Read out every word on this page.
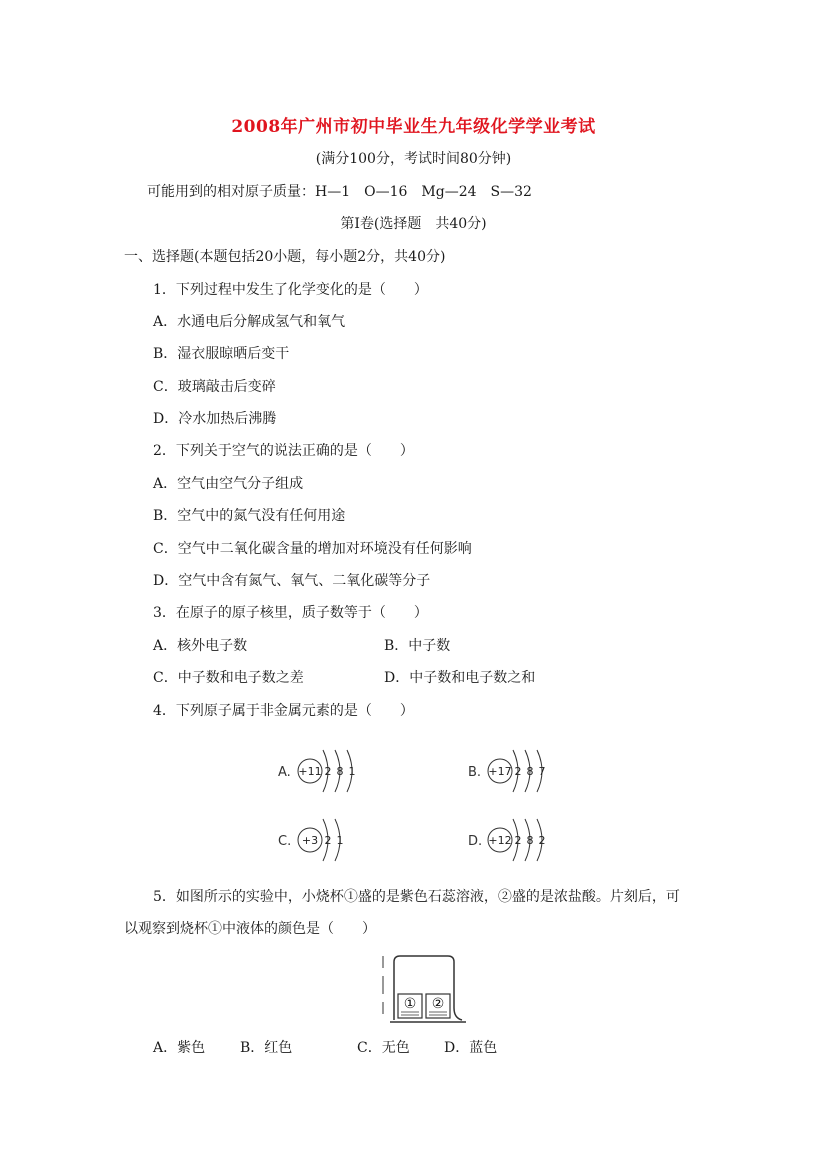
2008年广州市初中毕业生九年级化学学业考试
(满分100分，考试时间80分钟)
可能用到的相对原子质量：H—1　O—16　Mg—24　S—32
第Ⅰ卷(选择题　共40分)
一、选择题(本题包括20小题，每小题2分，共40分)
1．下列过程中发生了化学变化的是（　　）
A．水通电后分解成氢气和氧气
B．湿衣服晾晒后变干
C．玻璃敲击后变碎
D．冷水加热后沸腾
2．下列关于空气的说法正确的是（　　）
A．空气由空气分子组成
B．空气中的氮气没有任何用途
C．空气中二氧化碳含量的增加对环境没有任何影响
D．空气中含有氮气、氧气、二氧化碳等分子
3．在原子的原子核里，质子数等于（　　）
A．核外电子数	B．中子数
C．中子数和电子数之差	D．中子数和电子数之和
4．下列原子属于非金属元素的是（　　）
A. +11 2 8 1	B. +17 2 8 7
C. +3 2 1	D. +12 2 8 2
5．如图所示的实验中，小烧杯①盛的是紫色石蕊溶液，②盛的是浓盐酸。片刻后，可
以观察到烧杯①中液体的颜色是（　　）
① ②
A．紫色 B．红色	C．无色 D．蓝色
